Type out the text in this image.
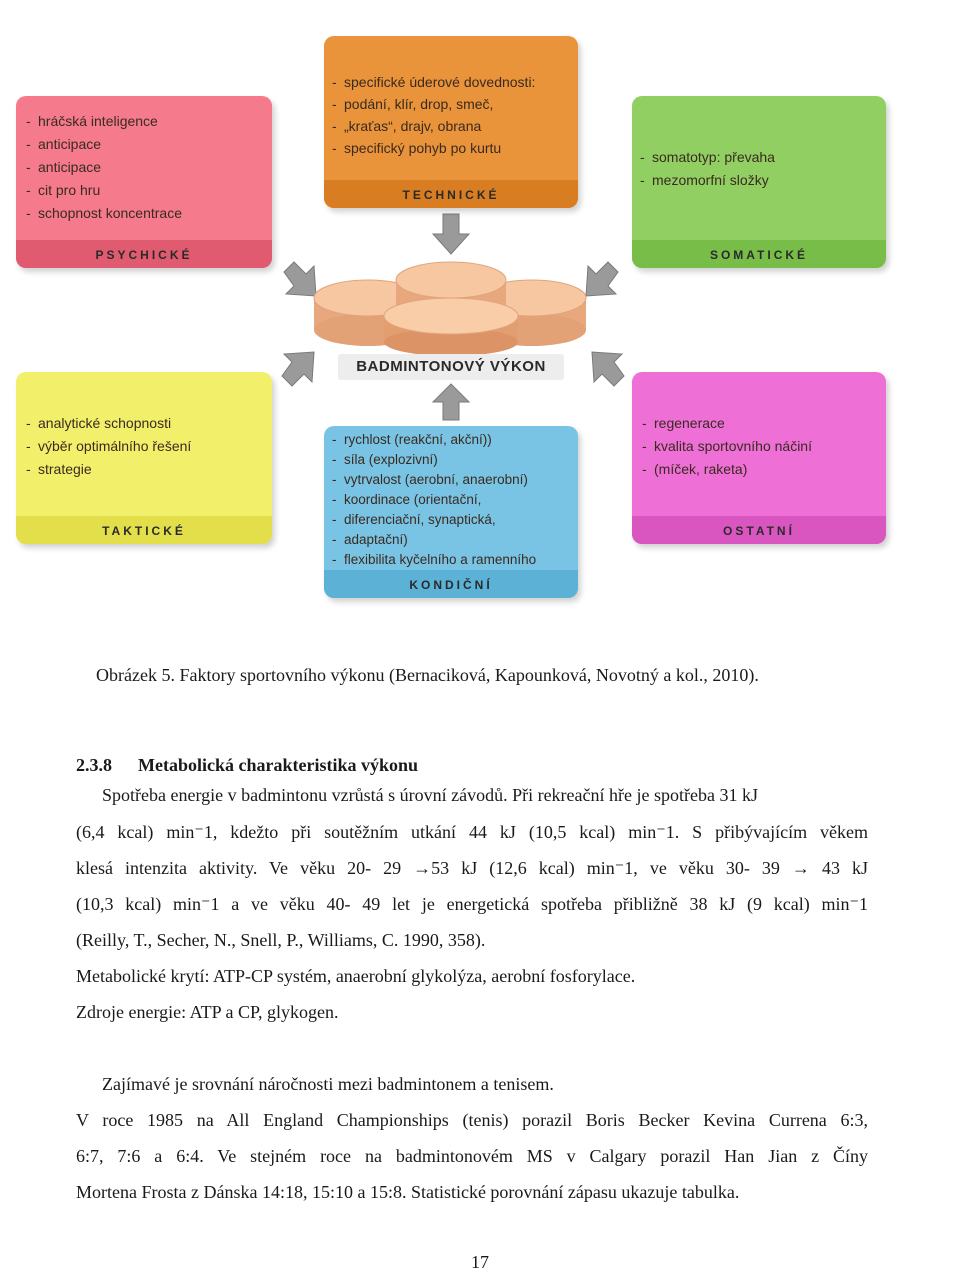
- hráčská inteligence
- anticipace
- anticipace
- cit pro hru
- schopnost koncentrace
PSYCHICKÉ
- specifické úderové dovednosti:
- podání, klír, drop, smeč,
- „kraťas“, drajv, obrana
- specifický pohyb po kurtu
TECHNICKÉ
- somatotyp: převaha
- mezomorfní složky
SOMATICKÉ
- analytické schopnosti
- výběr optimálního řešení
- strategie
TAKTICKÉ
- rychlost (reakční, akční))
- síla (explozivní)
- vytrvalost (aerobní, anaerobní)
- koordinace (orientační,
- diferenciační, synaptická,
- adaptační)
- flexibilita kyčelního a ramenního
-
KONDIČNÍ
- regenerace
- kvalita sportovního náčiní
- (míček, raketa)
OSTATNÍ
BADMINTONOVÝ VÝKON
Obrázek 5. Faktory sportovního výkonu (Bernaciková, Kapounková, Novotný a kol., 2010).
2.3.8 Metabolická charakteristika výkonu
Spotřeba energie v badmintonu vzrůstá s úrovní závodů. Při rekreační hře je spotřeba 31 kJ
(6,4 kcal) min⁻1, kdežto při soutěžním utkání 44 kJ (10,5 kcal) min⁻1. S přibývajícím věkem
klesá intenzita aktivity. Ve věku 20- 29 →53 kJ (12,6 kcal) min⁻1, ve věku 30- 39 → 43 kJ
(10,3 kcal) min⁻1 a ve věku 40- 49 let je energetická spotřeba přibližně 38 kJ (9 kcal) min⁻1
(Reilly, T., Secher, N., Snell, P., Williams, C. 1990, 358).
Metabolické krytí: ATP-CP systém, anaerobní glykolýza, aerobní fosforylace.
Zdroje energie: ATP a CP, glykogen.
Zajímavé je srovnání náročnosti mezi badmintonem a tenisem.
V roce 1985 na All England Championships (tenis) porazil Boris Becker Kevina Currena 6:3,
6:7, 7:6 a 6:4. Ve stejném roce na badmintonovém MS v Calgary porazil Han Jian z Číny
Mortena Frosta z Dánska 14:18, 15:10 a 15:8. Statistické porovnání zápasu ukazuje tabulka.
17
